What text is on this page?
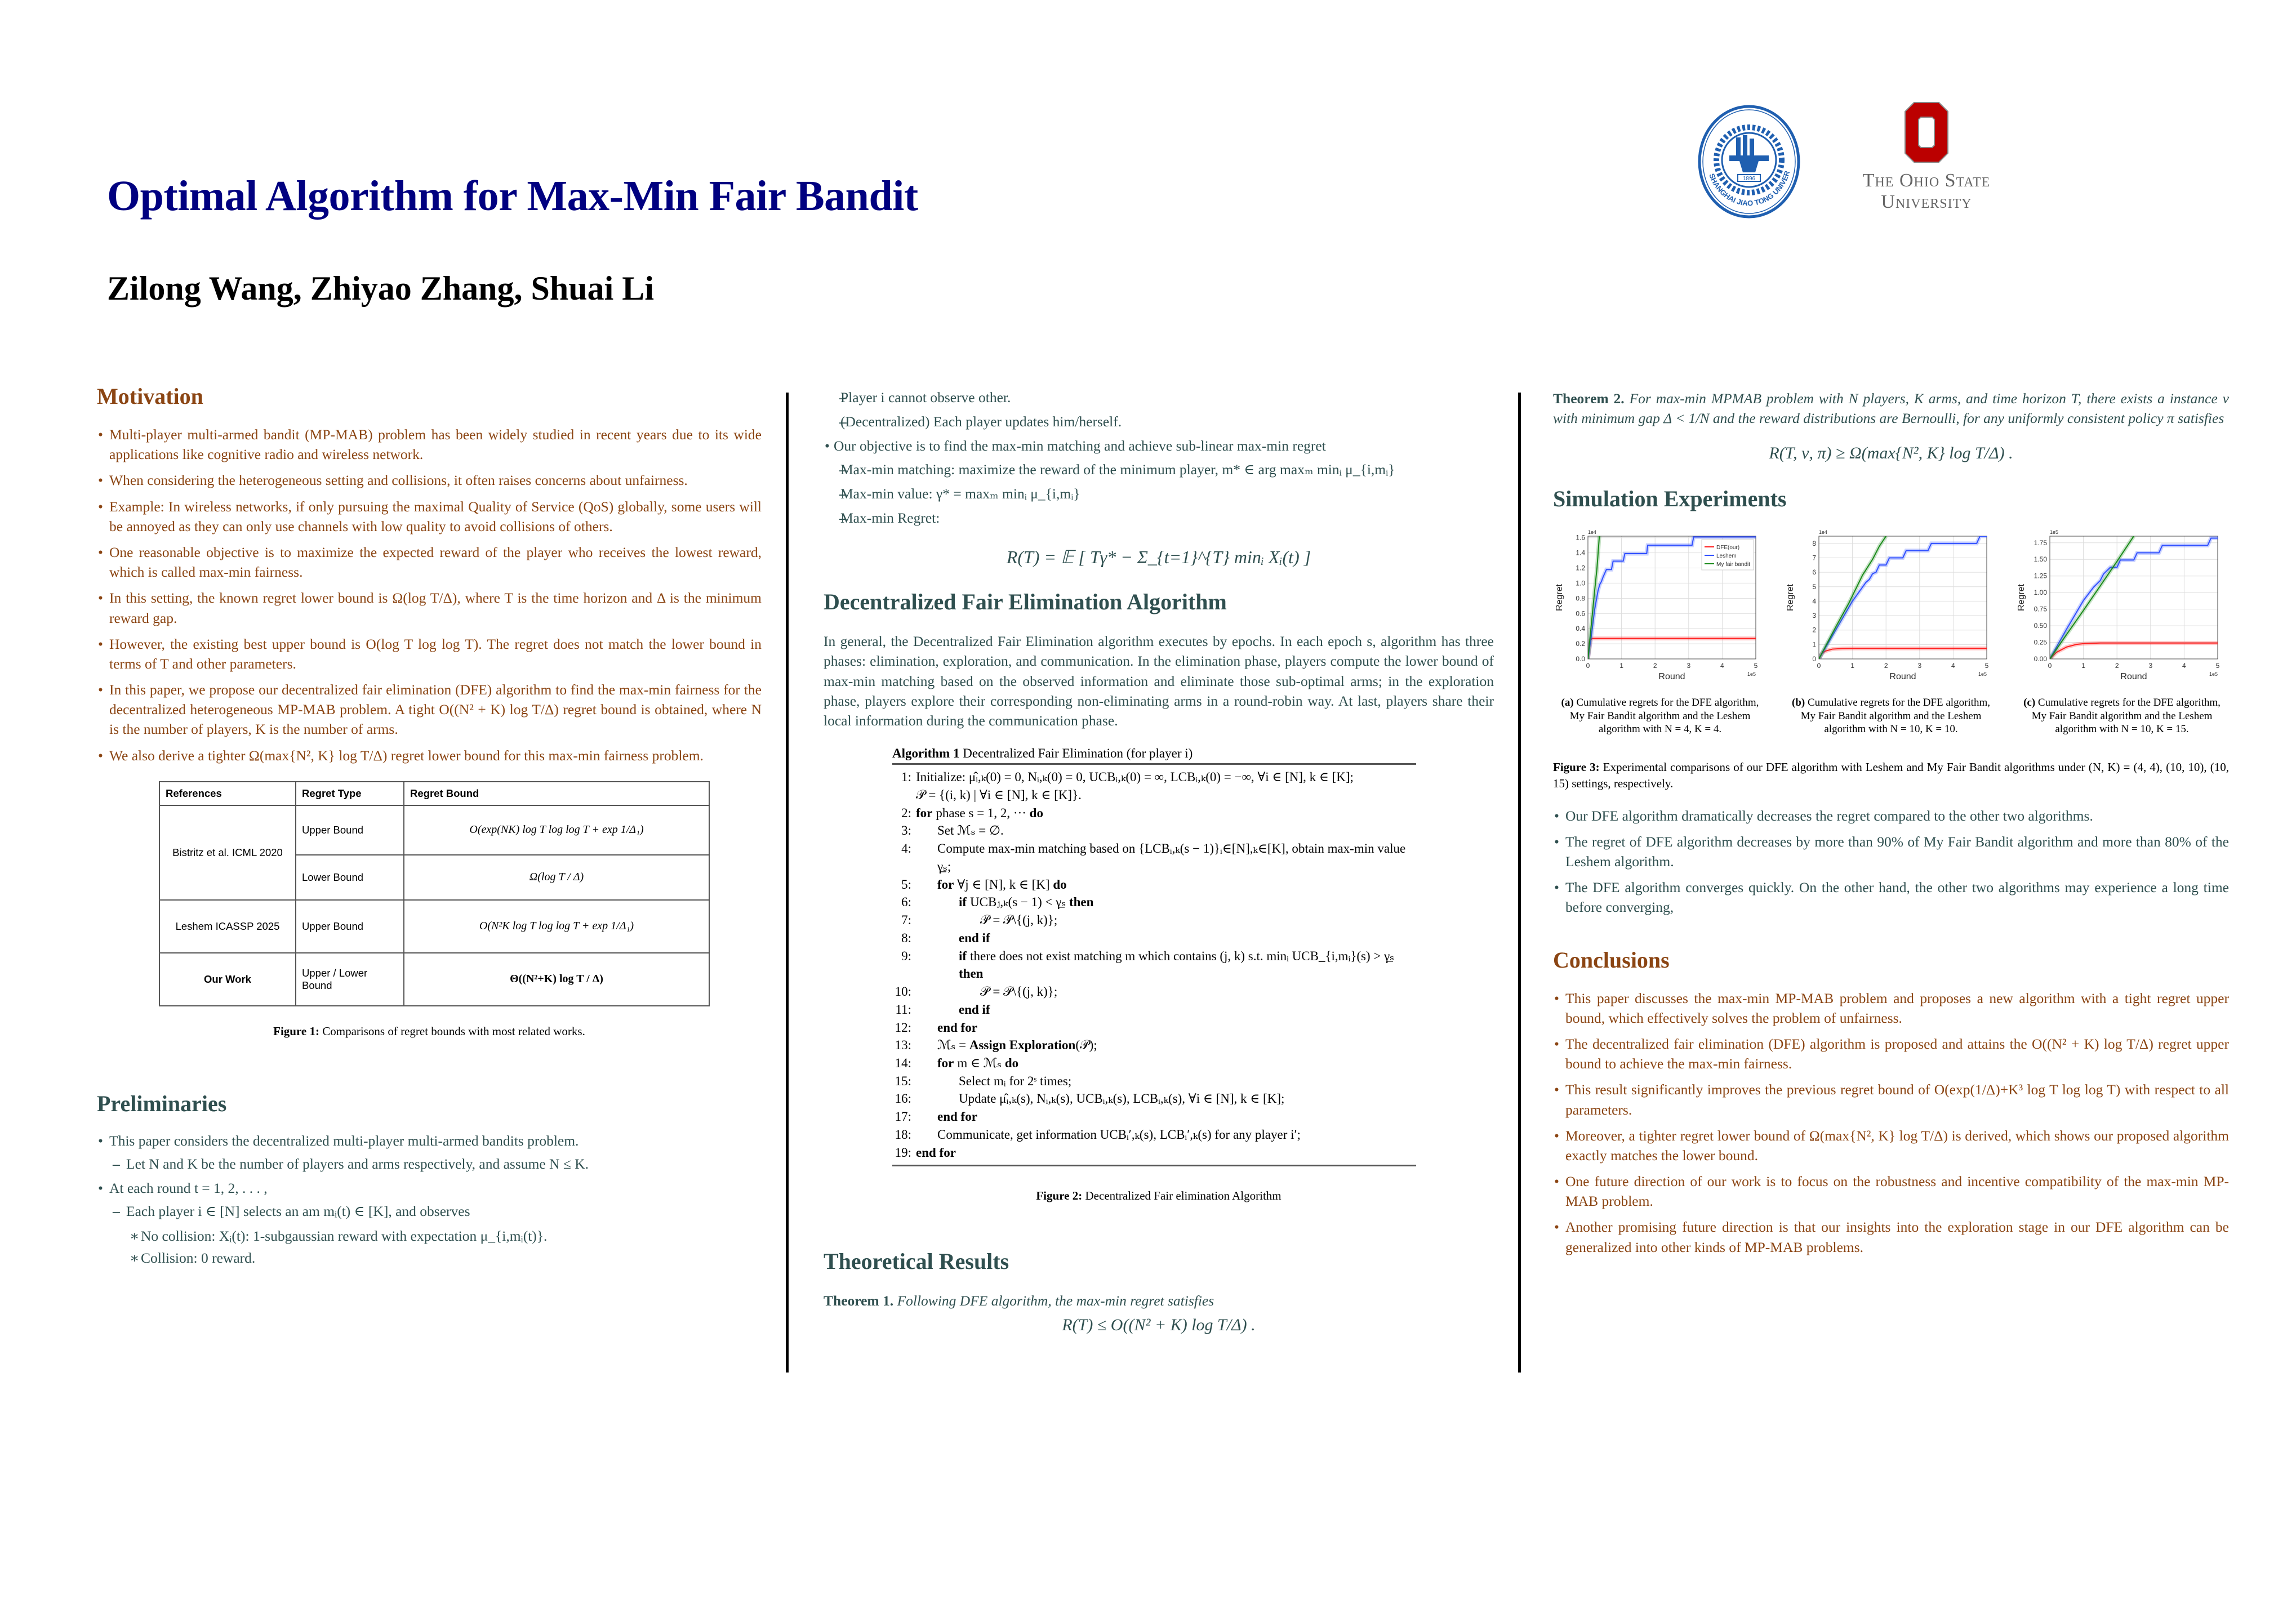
Optimal Algorithm for Max-Min Fair Bandit
Zilong Wang, Zhiyao Zhang, Shuai Li
1896
SHANGHAI JIAO TONG UNIVER	The Ohio State
University
Motivation
• Multi-player multi-armed bandit (MP-MAB) problem has been widely studied in recent years due to its wide applications like cognitive radio and wireless network.
• When considering the heterogeneous setting and collisions, it often raises concerns about unfairness.
• Example: In wireless networks, if only pursuing the maximal Quality of Service (QoS) globally, some users will be annoyed as they can only use channels with low quality to avoid collisions of others.
• One reasonable objective is to maximize the expected reward of the player who receives the lowest reward, which is called max-min fairness.
• In this setting, the known regret lower bound is Ω(log T/Δ), where T is the time horizon and Δ is the minimum reward gap.
• However, the existing best upper bound is O(log T log log T). The regret does not match the lower bound in terms of T and other parameters.
• In this paper, we propose our decentralized fair elimination (DFE) algorithm to find the max-min fairness for the decentralized heterogeneous MP-MAB problem. A tight O((N² + K) log T/Δ) regret bound is obtained, where N is the number of players, K is the number of arms.
• We also derive a tighter Ω(max{N², K} log T/Δ) regret lower bound for this max-min fairness problem.
References	Regret Type	Regret Bound
Bistritz et al. ICML 2020	Upper Bound	O(exp(NK) log T log log T + exp 1/Δ₁)
	Lower Bound	Ω(log T / Δ)
Leshem ICASSP 2025	Upper Bound	O(N²K log T log log T + exp 1/Δ₁)
Our Work	Upper / Lower Bound	Θ((N²+K) log T / Δ)
Figure 1: Comparisons of regret bounds with most related works.
Preliminaries
• This paper considers the decentralized multi-player multi-armed bandits problem.
– Let N and K be the number of players and arms respectively, and assume N ≤ K.
• At each round t = 1, 2, . . . ,
– Each player i ∈ [N] selects an am mᵢ(t) ∈ [K], and observes
∗ No collision: Xᵢ(t): 1-subgaussian reward with expectation μ_{i,mᵢ(t)}.
∗ Collision: 0 reward.
– Player i cannot observe other.
– (Decentralized) Each player updates him/herself.
• Our objective is to find the max-min matching and achieve sub-linear max-min regret
– Max-min matching: maximize the reward of the minimum player, m* ∈ arg maxₘ minᵢ μ_{i,mᵢ}
– Max-min value: γ* = maxₘ minᵢ μ_{i,mᵢ}
– Max-min Regret:
R(T) = 𝔼 [ Tγ* − Σ_{t=1}^{T} minᵢ Xᵢ(t) ]
Decentralized Fair Elimination Algorithm

In general, the Decentralized Fair Elimination algorithm executes by epochs. In each epoch s, algorithm has three phases: elimination, exploration, and communication. In the elimination phase, players compute the lower bound of max-min matching based on the observed information and eliminate those sub-optimal arms; in the exploration phase, players explore their corresponding non-eliminating arms in a round-robin way. At last, players share their local information during the communication phase.

Algorithm 1 Decentralized Fair Elimination (for player i)
1: Initialize: μ̂ᵢ,ₖ(0) = 0, Nᵢ,ₖ(0) = 0, UCBᵢ,ₖ(0) = ∞, LCBᵢ,ₖ(0) = −∞, ∀i ∈ [N], k ∈ [K];
𝒫 = {(i, k) | ∀i ∈ [N], k ∈ [K]}.
2: for phase s = 1, 2, ··· do
3:	Set ℳₛ = ∅.
4:	Compute max-min matching based on {LCBᵢ,ₖ(s − 1)}ᵢ∈[N],ₖ∈[K], obtain max-min value γ̲ₛ;
5:	for ∀j ∈ [N], k ∈ [K] do
6:	if UCBⱼ,ₖ(s − 1) < γ̲ₛ then
7:	𝒫 = 𝒫\{(j, k)};
8:	end if
9:	if there does not exist matching m which contains (j, k) s.t. minᵢ UCB_{i,mᵢ}(s) > γ̲ₛ then
10:	𝒫 = 𝒫\{(j, k)};
11:	end if
12:	end for
13:	ℳₛ = Assign Exploration(𝒫);
14:	for m ∈ ℳₛ do
15:	Select mᵢ for 2ˢ times;
16:	Update μ̂ᵢ,ₖ(s), Nᵢ,ₖ(s), UCBᵢ,ₖ(s), LCBᵢ,ₖ(s), ∀i ∈ [N], k ∈ [K];
17:	end for
18:	Communicate, get information UCBᵢ′,ₖ(s), LCBᵢ′,ₖ(s) for any player i′;
19: end for
Figure 2: Decentralized Fair elimination Algorithm
Theoretical Results
Theorem 1. Following DFE algorithm, the max-min regret satisfies
R(T) ≤ O((N² + K) log T/Δ) .
Theorem 2. For max-min MPMAB problem with N players, K arms, and time horizon T, there exists a instance ν with minimum gap Δ < 1/N and the reward distributions are Bernoulli, for any uniformly consistent policy π satisfies
R(T, ν, π) ≥ Ω(max{N², K} log T/Δ) .
Simulation Experiments
0	1	2	3	4	5
0.0
0.2
0.4
0.6
0.8
1.0
1.2
1.4
1.6
1e4
1e5
Round
Regret
DFE(our)
Leshem
My fair bandit
(a) Cumulative regrets for the DFE algorithm, My Fair Bandit algorithm and the Leshem algorithm with N = 4, K = 4.
0	1	2	3	4	5
0
1
2
3
4
5
6
7
8
1e4
1e5
Round
Regret
(b) Cumulative regrets for the DFE algorithm, My Fair Bandit algorithm and the Leshem algorithm with N = 10, K = 10.
0	1	2	3	4	5
0.00
0.25
0.50
0.75
1.00
1.25
1.50
1.75
1e5
1e5
Round
Regret
(c) Cumulative regrets for the DFE algorithm, My Fair Bandit algorithm and the Leshem algorithm with N = 10, K = 15.
Figure 3: Experimental comparisons of our DFE algorithm with Leshem and My Fair Bandit algorithms under (N, K) = (4, 4), (10, 10), (10, 15) settings, respectively.
• Our DFE algorithm dramatically decreases the regret compared to the other two algorithms.
• The regret of DFE algorithm decreases by more than 90% of My Fair Bandit algorithm and more than 80% of the Leshem algorithm.
• The DFE algorithm converges quickly. On the other hand, the other two algorithms may experience a long time before converging,
Conclusions
• This paper discusses the max-min MP-MAB problem and proposes a new algorithm with a tight regret upper bound, which effectively solves the problem of unfairness.
• The decentralized fair elimination (DFE) algorithm is proposed and attains the O((N² + K) log T/Δ) regret upper bound to achieve the max-min fairness.
• This result significantly improves the previous regret bound of O(exp(1/Δ)+K³ log T log log T) with respect to all parameters.
• Moreover, a tighter regret lower bound of Ω(max{N², K} log T/Δ) is derived, which shows our proposed algorithm exactly matches the lower bound.
• One future direction of our work is to focus on the robustness and incentive compatibility of the max-min MP-MAB problem.
• Another promising future direction is that our insights into the exploration stage in our DFE algorithm can be generalized into other kinds of MP-MAB problems.
